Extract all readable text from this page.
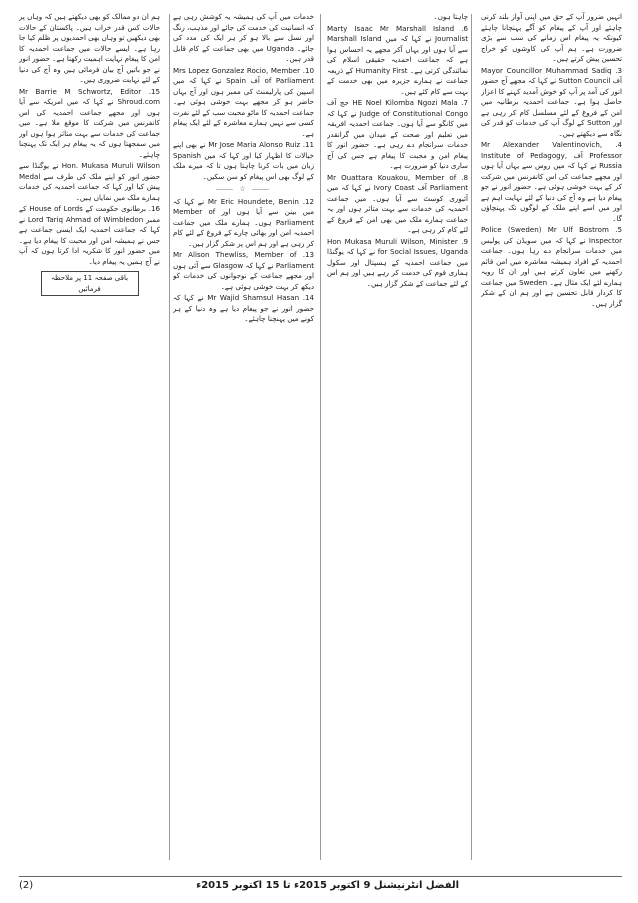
انہیں ضرور آپ کے حق میں اپنی آواز بلند کرنی چاہئے اور آپ کے پیغام کو آگے پہنچانا چاہئے کیونکہ یہ پیغام اس زمانے کی سب سے بڑی ضرورت ہے۔ ہم آپ کی کاوشوں کو خراج تحسین پیش کرتے ہیں۔

3. Mayor Councillor Muhammad Sadiq آف Sutton Council نے کہا کہ مجھے آج حضور انور کی آمد پر آپ کو خوش آمدید کہنے کا اعزاز حاصل ہوا ہے۔ جماعت احمدیہ برطانیہ میں امن کے فروغ کے لئے مسلسل کام کر رہی ہے اور Sutton کے لوگ آپ کی خدمات کو قدر کی نگاہ سے دیکھتے ہیں۔

4. Mr Alexander Valentinovich, Professor آف Institute of Pedagogy, Russia نے کہا کہ میں روس سے یہاں آیا ہوں اور مجھے جماعت کی اس کانفرنس میں شرکت کر کے بہت خوشی ہوئی ہے۔ حضور انور نے جو پیغام دیا ہے وہ آج کی دنیا کے لئے نہایت اہم ہے اور میں اسے اپنے ملک کے لوگوں تک پہنچاؤں گا۔

5. Police (Sweden) Mr Ulf Bostrom Inspector نے کہا کہ میں سویڈن کی پولیس میں خدمات سرانجام دے رہا ہوں۔ جماعت احمدیہ کے افراد ہمیشہ معاشرہ میں امن قائم رکھنے میں تعاون کرتے ہیں اور ان کا رویہ ہمارے لئے ایک مثال ہے۔ Sweden میں جماعت کا کردار قابل تحسین ہے اور ہم ان کے شکر گزار ہیں۔

چاہتا ہوں۔

6. Marty Isaac Mr Marshall Island Journalist نے کہا کہ میں Marshall Island سے آیا ہوں اور یہاں آکر مجھے یہ احساس ہوا ہے کہ جماعت احمدیہ حقیقی اسلام کی نمائندگی کرتی ہے۔ Humanity First کے ذریعہ جماعت نے ہمارے جزیرہ میں بھی خدمت کے بہت سے کام کئے ہیں۔

7. HE Noel Kilomba Ngozi Mala جج آف Judge of Constitutional Congo نے کہا کہ میں کانگو سے آیا ہوں۔ جماعت احمدیہ افریقہ میں تعلیم اور صحت کے میدان میں گرانقدر خدمات سرانجام دے رہی ہے۔ حضور انور کا پیغام امن و محبت کا پیغام ہے جس کی آج ساری دنیا کو ضرورت ہے۔

8. Mr Ouattara Kouakou, Member of Parliament آف Ivory Coast نے کہا کہ میں آئیوری کوسٹ سے آیا ہوں۔ میں جماعت احمدیہ کی خدمات سے بہت متاثر ہوں اور یہ جماعت ہمارے ملک میں بھی امن کے فروغ کے لئے کام کر رہی ہے۔

9. Hon Mukasa Muruli Wilson, Minister for Social Issues, Uganda نے کہا کہ یوگنڈا میں جماعت احمدیہ کے ہسپتال اور سکول ہماری قوم کی خدمت کر رہے ہیں اور ہم اس کے لئے جماعت کے شکر گزار ہیں۔

خدمات میں آپ کی ہمیشہ یہ کوشش رہی ہے کہ انسانیت کی خدمت کی جائے اور مذہب، رنگ اور نسل سے بالا ہو کر ہر ایک کی مدد کی جائے۔ Uganda میں بھی جماعت کے کام قابل قدر ہیں۔

10. Mrs Lopez Gonzalez Rocio, Member of Parliament آف Spain نے کہا کہ میں اسپین کی پارلیمنٹ کی ممبر ہوں اور آج یہاں حاضر ہو کر مجھے بہت خوشی ہوئی ہے۔ جماعت احمدیہ کا ماٹو محبت سب کے لئے نفرت کسی سے نہیں ہمارے معاشرہ کے لئے ایک پیغام ہے۔

11. Mr Jose Maria Alonso Ruiz نے بھی اپنے خیالات کا اظہار کیا اور کہا کہ میں Spanish زبان میں بات کرنا چاہتا ہوں تا کہ میرے ملک کے لوگ بھی اس پیغام کو سن سکیں۔

⸻ ☆ ⸻

12. Mr Eric Houndete, Benin نے کہا کہ میں بینن سے آیا ہوں اور Member of Parliament ہوں۔ ہمارے ملک میں جماعت احمدیہ امن اور بھائی چارے کے فروغ کے لئے کام کر رہی ہے اور ہم اس پر شکر گزار ہیں۔

13. Mr Alison Thewliss, Member of Parliament نے کہا کہ Glasgow سے آئی ہوں اور مجھے جماعت کے نوجوانوں کی خدمات کو دیکھ کر بہت خوشی ہوئی ہے۔

14. Mr Wajid Shamsul Hasan نے کہا کہ حضور انور نے جو پیغام دیا ہے وہ دنیا کے ہر کونے میں پہنچنا چاہئے۔

ہم ان دو ممالک کو بھی دیکھتے ہیں کہ وہاں پر حالات کس قدر خراب ہیں۔ پاکستان کے حالات بھی دیکھیں تو وہاں بھی احمدیوں پر ظلم کیا جا رہا ہے۔ ایسے حالات میں جماعت احمدیہ کا امن کا پیغام نہایت اہمیت رکھتا ہے۔ حضور انور نے جو باتیں آج بیان فرمائی ہیں وہ آج کی دنیا کے لئے نہایت ضروری ہیں۔

15. Mr Barrie M Schwortz, Editor Shroud.com نے کہا کہ میں امریکہ سے آیا ہوں اور مجھے جماعت احمدیہ کی اس کانفرنس میں شرکت کا موقع ملا ہے۔ میں جماعت کی خدمات سے بہت متاثر ہوا ہوں اور میں سمجھتا ہوں کہ یہ پیغام ہر ایک تک پہنچنا چاہئے۔

Hon. Mukasa Muruli Wilson نے یوگنڈا سے حضور انور کو اپنے ملک کی طرف سے Medal پیش کیا اور کہا کہ جماعت احمدیہ کی خدمات ہمارے ملک میں نمایاں ہیں۔

16. برطانوی حکومت کے House of Lords کے ممبر Lord Tariq Ahmad of Wimbledon نے کہا کہ جماعت احمدیہ ایک ایسی جماعت ہے جس نے ہمیشہ امن اور محبت کا پیغام دیا ہے۔ میں حضور انور کا شکریہ ادا کرتا ہوں کہ آپ نے آج ہمیں یہ پیغام دیا۔

باقی صفحہ 11 پر ملاحظہ فرمائیں
(2)	الفضل انٹرنیشنل 9 اکتوبر 2015ء تا 15 اکتوبر 2015ء
